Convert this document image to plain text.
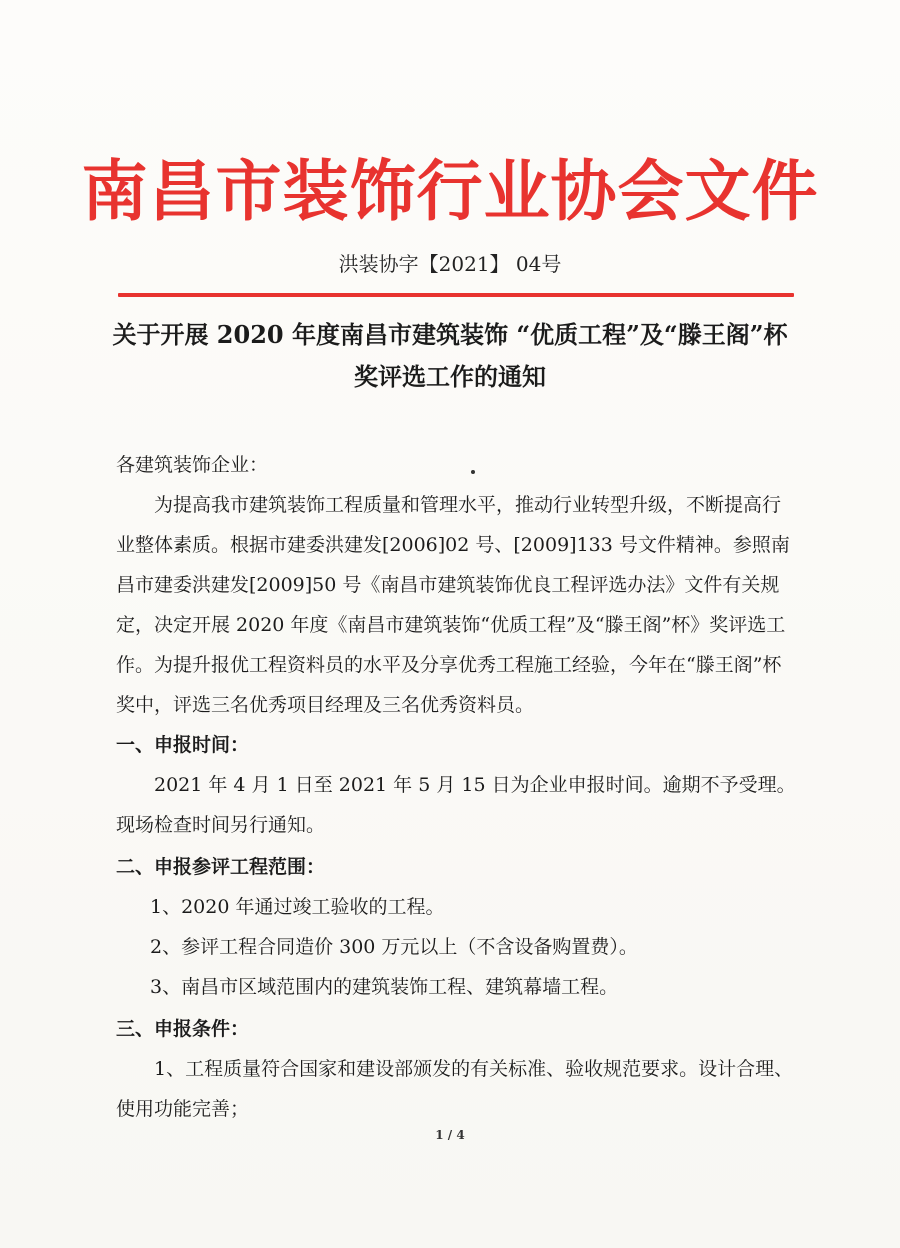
南昌市装饰行业协会文件
洪装协字【2021】 04号
关于开展 2020 年度南昌市建筑装饰 “优质工程”及“滕王阁”杯
奖评选工作的通知

各建筑装饰企业：

为提高我市建筑装饰工程质量和管理水平，推动行业转型升级，不断提高行业整体素质。根据市建委洪建发[2006]02 号、[2009]133 号文件精神。参照南昌市建委洪建发[2009]50 号《南昌市建筑装饰优良工程评选办法》文件有关规定，决定开展 2020 年度《南昌市建筑装饰“优质工程”及“滕王阁”杯》奖评选工作。为提升报优工程资料员的水平及分享优秀工程施工经验，今年在“滕王阁”杯奖中，评选三名优秀项目经理及三名优秀资料员。

一、申报时间：

2021 年 4 月 1 日至 2021 年 5 月 15 日为企业申报时间。逾期不予受理。现场检查时间另行通知。

二、申报参评工程范围：

1、2020 年通过竣工验收的工程。

2、参评工程合同造价 300 万元以上（不含设备购置费）。

3、南昌市区域范围内的建筑装饰工程、建筑幕墙工程。

三、申报条件：

1、工程质量符合国家和建设部颁发的有关标准、验收规范要求。设计合理、使用功能完善；

1 / 4
